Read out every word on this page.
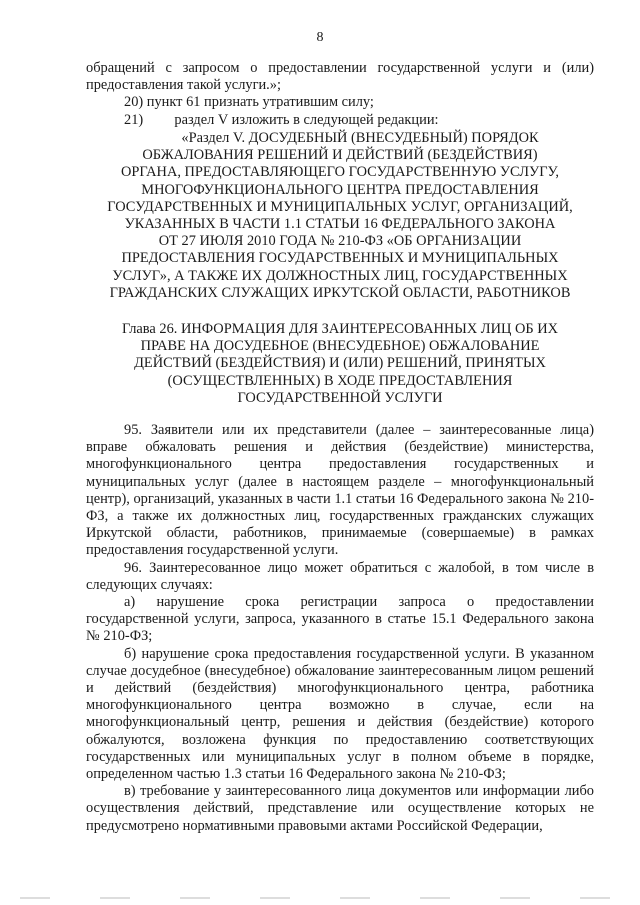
8
обращений с запросом о предоставлении государственной услуги и (или)
предоставления такой услуги.»;
20) пункт 61 признать утратившим силу;
21) раздел V изложить в следующей редакции:
«Раздел V. ДОСУДЕБНЫЙ (ВНЕСУДЕБНЫЙ) ПОРЯДОК
ОБЖАЛОВАНИЯ РЕШЕНИЙ И ДЕЙСТВИЙ (БЕЗДЕЙСТВИЯ)
ОРГАНА, ПРЕДОСТАВЛЯЮЩЕГО ГОСУДАРСТВЕННУЮ УСЛУГУ,
МНОГОФУНКЦИОНАЛЬНОГО ЦЕНТРА ПРЕДОСТАВЛЕНИЯ
ГОСУДАРСТВЕННЫХ И МУНИЦИПАЛЬНЫХ УСЛУГ, ОРГАНИЗАЦИЙ,
УКАЗАННЫХ В ЧАСТИ 1.1 СТАТЬИ 16 ФЕДЕРАЛЬНОГО ЗАКОНА
ОТ 27 ИЮЛЯ 2010 ГОДА № 210-ФЗ «ОБ ОРГАНИЗАЦИИ
ПРЕДОСТАВЛЕНИЯ ГОСУДАРСТВЕННЫХ И МУНИЦИПАЛЬНЫХ
УСЛУГ», А ТАКЖЕ ИХ ДОЛЖНОСТНЫХ ЛИЦ, ГОСУДАРСТВЕННЫХ
ГРАЖДАНСКИХ СЛУЖАЩИХ ИРКУТСКОЙ ОБЛАСТИ, РАБОТНИКОВ
Глава 26. ИНФОРМАЦИЯ ДЛЯ ЗАИНТЕРЕСОВАННЫХ ЛИЦ ОБ ИХ
ПРАВЕ НА ДОСУДЕБНОЕ (ВНЕСУДЕБНОЕ) ОБЖАЛОВАНИЕ
ДЕЙСТВИЙ (БЕЗДЕЙСТВИЯ) И (ИЛИ) РЕШЕНИЙ, ПРИНЯТЫХ
(ОСУЩЕСТВЛЕННЫХ) В ХОДЕ ПРЕДОСТАВЛЕНИЯ
ГОСУДАРСТВЕННОЙ УСЛУГИ

95. Заявители или их представители (далее – заинтересованные лица) вправе обжаловать решения и действия (бездействие) министерства, многофункционального центра предоставления государственных и муниципальных услуг (далее в настоящем разделе – многофункциональный центр), организаций, указанных в части 1.1 статьи 16 Федерального закона № 210-ФЗ, а также их должностных лиц, государственных гражданских служащих Иркутской области, работников, принимаемые (совершаемые) в рамках предоставления государственной услуги.

96. Заинтересованное лицо может обратиться с жалобой, в том числе в следующих случаях:

а) нарушение срока регистрации запроса о предоставлении государственной услуги, запроса, указанного в статье 15.1 Федерального закона № 210-ФЗ;

б) нарушение срока предоставления государственной услуги. В указанном случае досудебное (внесудебное) обжалование заинтересованным лицом решений и действий (бездействия) многофункционального центра, работника многофункционального центра возможно в случае, если на многофункциональный центр, решения и действия (бездействие) которого обжалуются, возложена функция по предоставлению соответствующих государственных или муниципальных услуг в полном объеме в порядке, определенном частью 1.3 статьи 16 Федерального закона № 210-ФЗ;

в) требование у заинтересованного лица документов или информации либо осуществления действий, представление или осуществление которых не предусмотрено нормативными правовыми актами Российской Федерации,
